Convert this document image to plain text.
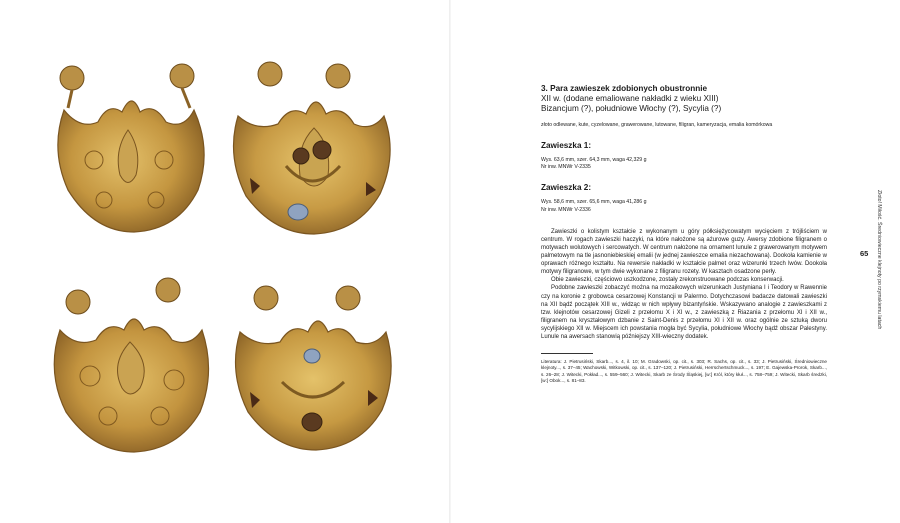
3. Para zawieszek zdobionych obustronnie

XII w. (dodane emaliowane nakładki z wieku XIII)

Bizancjum (?), południowe Włochy (?), Sycylia (?)

złoto odlewane, kute, cyzelowane, grawerowane, lutowane, filigran, kameryzacja, emalia komórkowa

Zawieszka 1:

Wys. 63,6 mm, szer. 64,3 mm, waga 42,329 g

Nr inw. MNWr V-2335

Zawieszka 2:

Wys. 58,6 mm, szer. 65,6 mm, waga 41,286 g

Nr inw. MNWr V-2336

Zawieszki o kolistym kształcie z wykonanym u góry półksiężycowatym wycięciem z trójliściem w centrum. W rogach zawieszki haczyki, na które nałożone są ażurowe guzy. Awersy zdobione filigranem o motywach wolutowych i sercowatych. W centrum nałożone na ornament lunule z grawerowanym motywem palmetowym na tle jasnoniebieskiej emalii (w jednej zawieszce emalia niezachowana). Dookoła kamienie w oprawach różnego kształtu. Na rewersie nakładki w kształcie palmet oraz wizerunki trzech lwów. Dookoła motywy filigranowe, w tym dwie wykonane z filigranu rozety. W kasztach osadzone perły.

Obie zawieszki, częściowo uszkodzone, zostały zrekonstruowane podczas konserwacji.

Podobne zawieszki zobaczyć można na mozaikowych wizerunkach Justyniana I i Teodory w Rawennie czy na koronie z grobowca cesarzowej Konstancji w Palermo. Dotychczasowi badacze datowali zawieszki na XII bądź początek XIII w., widząc w nich wpływy bizantyńskie. Wskazywano analogie z zawieszkami z tzw. klejnotów cesarzowej Gizeli z przełomu X i XI w., z zawieszką z Riazania z przełomu XI i XII w., filigranem na kryształowym dzbanie z Saint-Denis z przełomu XI i XII w. oraz ogólnie ze sztuką dworu sycylijskiego XII w. Miejscem ich powstania mogła być Sycylia, południowe Włochy bądź obszar Palestyny. Lunule na awersach stanowią późniejszy XIII-wieczny dodatek.

Literatura: J. Pietrusiński, Skarb..., s. 4, il. 10; M. Gradowski, op. cit., s. 303; R. Sachs, op. cit., s. 33; J. Pietrusiński, Średniowieczne klejnoty..., s. 37–45; Wachowski, Witkowski, op. cit., s. 137–120; J. Pietrusiński, Herrschertschmuck..., s. 197; E. Gajewska-Prorok, Skarb..., s. 26–28; J. Witecki, Pokład..., s. 559–560; J. Witecki, Skarb ze Środy Śląskiej, [w:] Król, który kłuł..., s. 758–759; J. Witecki, Skarb średzki, [w:] Obok..., s. 81–83.

65 Złoto! Miłość. Średniowieczne klejnoty po rzymskiemu latach
